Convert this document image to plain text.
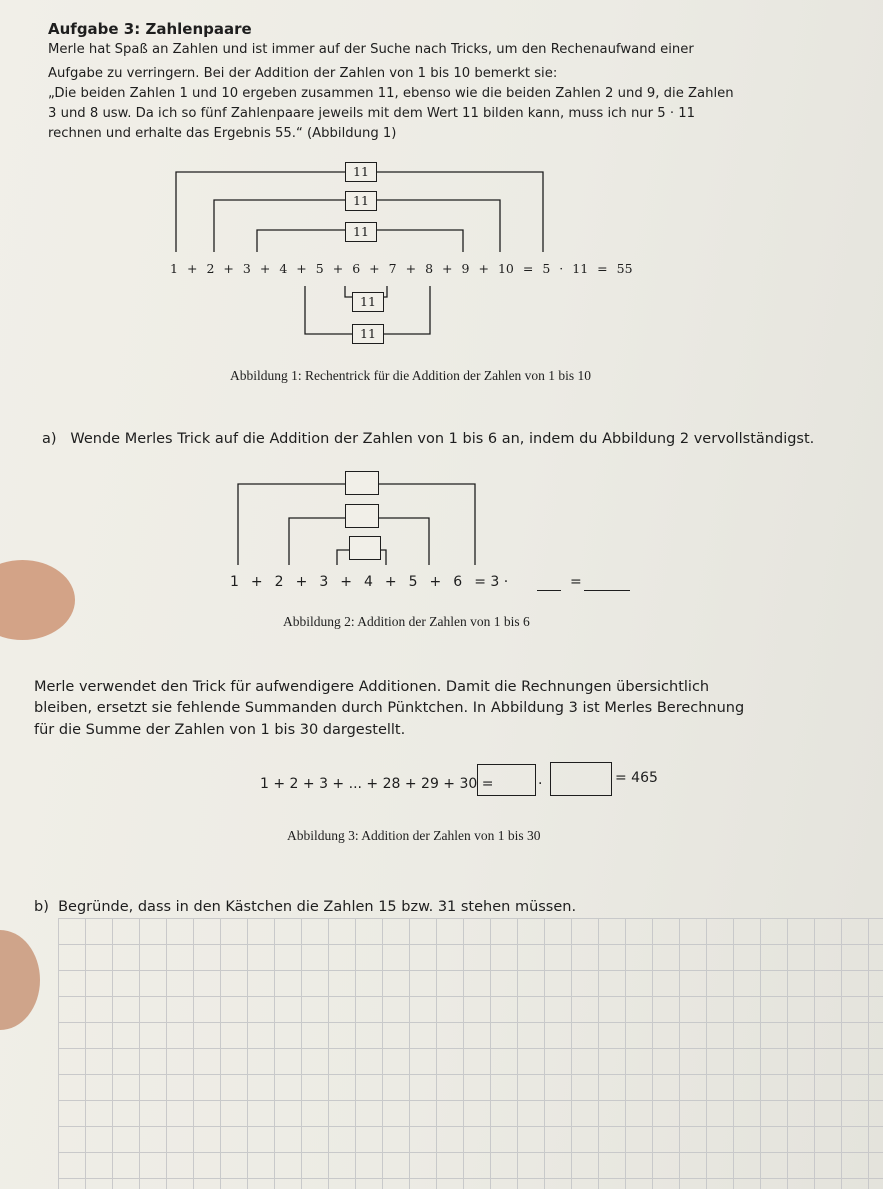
Aufgabe 3: Zahlenpaare
Merle hat Spaß an Zahlen und ist immer auf der Suche nach Tricks, um den Rechenaufwand einer
Aufgabe zu verringern. Bei der Addition der Zahlen von 1 bis 10 bemerkt sie:
„Die beiden Zahlen 1 und 10 ergeben zusammen 11, ebenso wie die beiden Zahlen 2 und 9, die Zahlen
3 und 8 usw. Da ich so fünf Zahlenpaare jeweils mit dem Wert 11 bilden kann, muss ich nur 5 · 11
rechnen und erhalte das Ergebnis 55.“ (Abbildung 1)
11
11
11
11
11
1 + 2 + 3 + 4 + 5 + 6 + 7 + 8 + 9 + 10 = 5 · 11 = 55
Abbildung 1: Rechentrick für die Addition der Zahlen von 1 bis 10
a) Wende Merles Trick auf die Addition der Zahlen von 1 bis 6 an, indem du Abbildung 2 vervollständigst.
1 + 2 + 3 + 4 + 5 + 6 = 3 ·	=
Abbildung 2: Addition der Zahlen von 1 bis 6
Merle verwendet den Trick für aufwendigere Additionen. Damit die Rechnungen übersichtlich
bleiben, ersetzt sie fehlende Summanden durch Pünktchen. In Abbildung 3 ist Merles Berechnung
für die Summe der Zahlen von 1 bis 30 dargestellt.
1 + 2 + 3 + ... + 28 + 29 + 30 =	·	= 465
Abbildung 3: Addition der Zahlen von 1 bis 30
b) Begründe, dass in den Kästchen die Zahlen 15 bzw. 31 stehen müssen.
